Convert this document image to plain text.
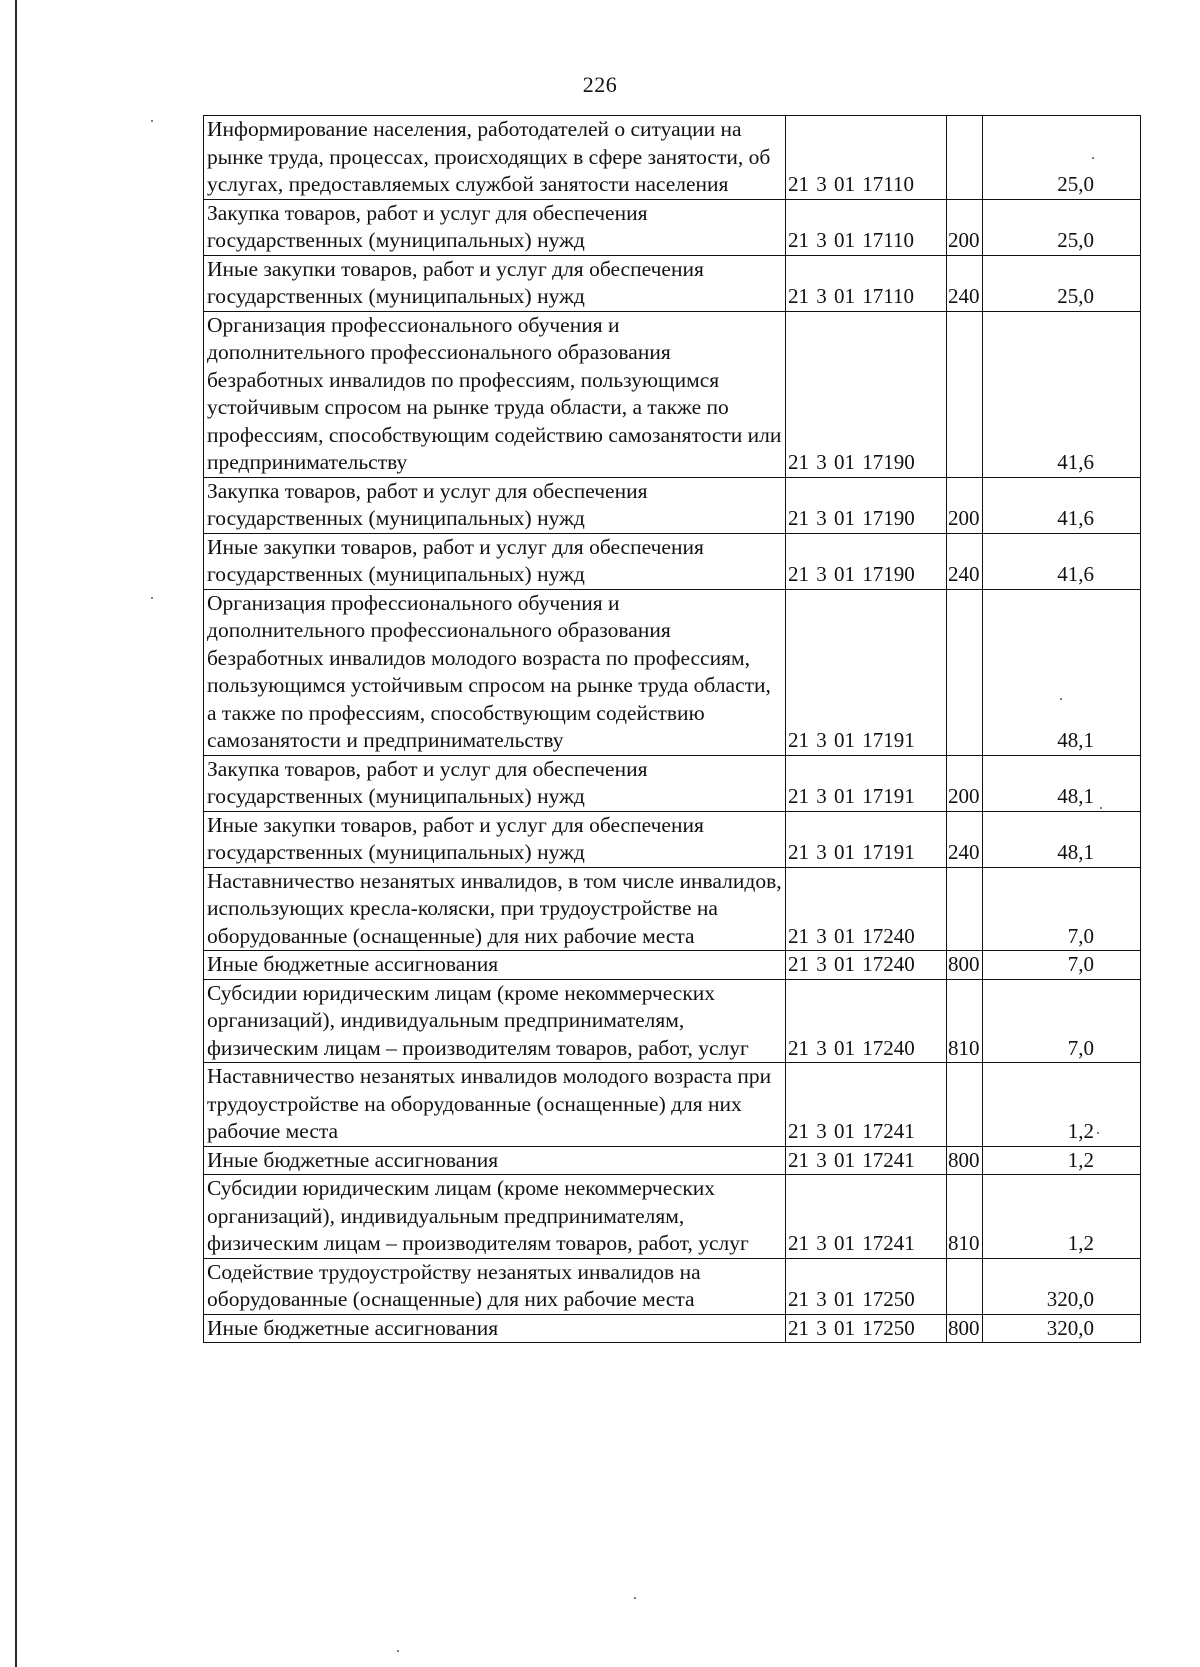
226
Информирование населения, работодателей о ситуации на рынке труда, процессах, происходящих в сфере занятости, об услугах, предоставляемых службой занятости населения	21 3 01 17110		25,0
Закупка товаров, работ и услуг для обеспечения государственных (муниципальных) нужд	21 3 01 17110	200	25,0
Иные закупки товаров, работ и услуг для обеспечения государственных (муниципальных) нужд	21 3 01 17110	240	25,0
Организация профессионального обучения и дополнительного профессионального образования безработных инвалидов по профессиям, пользующимся устойчивым спросом на рынке труда области, а также по профессиям, способствующим содействию самозанятости или предпринимательству	21 3 01 17190		41,6
Закупка товаров, работ и услуг для обеспечения государственных (муниципальных) нужд	21 3 01 17190	200	41,6
Иные закупки товаров, работ и услуг для обеспечения государственных (муниципальных) нужд	21 3 01 17190	240	41,6
Организация профессионального обучения и дополнительного профессионального образования безработных инвалидов молодого возраста по профессиям, пользующимся устойчивым спросом на рынке труда области, а также по профессиям, способствующим содействию самозанятости и предпринимательству	21 3 01 17191		48,1
Закупка товаров, работ и услуг для обеспечения государственных (муниципальных) нужд	21 3 01 17191	200	48,1
Иные закупки товаров, работ и услуг для обеспечения государственных (муниципальных) нужд	21 3 01 17191	240	48,1
Наставничество незанятых инвалидов, в том числе инвалидов, использующих кресла-коляски, при трудоустройстве на оборудованные (оснащенные) для них рабочие места	21 3 01 17240		7,0
Иные бюджетные ассигнования	21 3 01 17240	800	7,0
Субсидии юридическим лицам (кроме некоммерческих организаций), индивидуальным предпринимателям, физическим лицам – производителям товаров, работ, услуг	21 3 01 17240	810	7,0
Наставничество незанятых инвалидов молодого возраста при трудоустройстве на оборудованные (оснащенные) для них рабочие места	21 3 01 17241		1,2
Иные бюджетные ассигнования	21 3 01 17241	800	1,2
Субсидии юридическим лицам (кроме некоммерческих организаций), индивидуальным предпринимателям, физическим лицам – производителям товаров, работ, услуг	21 3 01 17241	810	1,2
Содействие трудоустройству незанятых инвалидов на оборудованные (оснащенные) для них рабочие места	21 3 01 17250		320,0
Иные бюджетные ассигнования	21 3 01 17250	800	320,0
